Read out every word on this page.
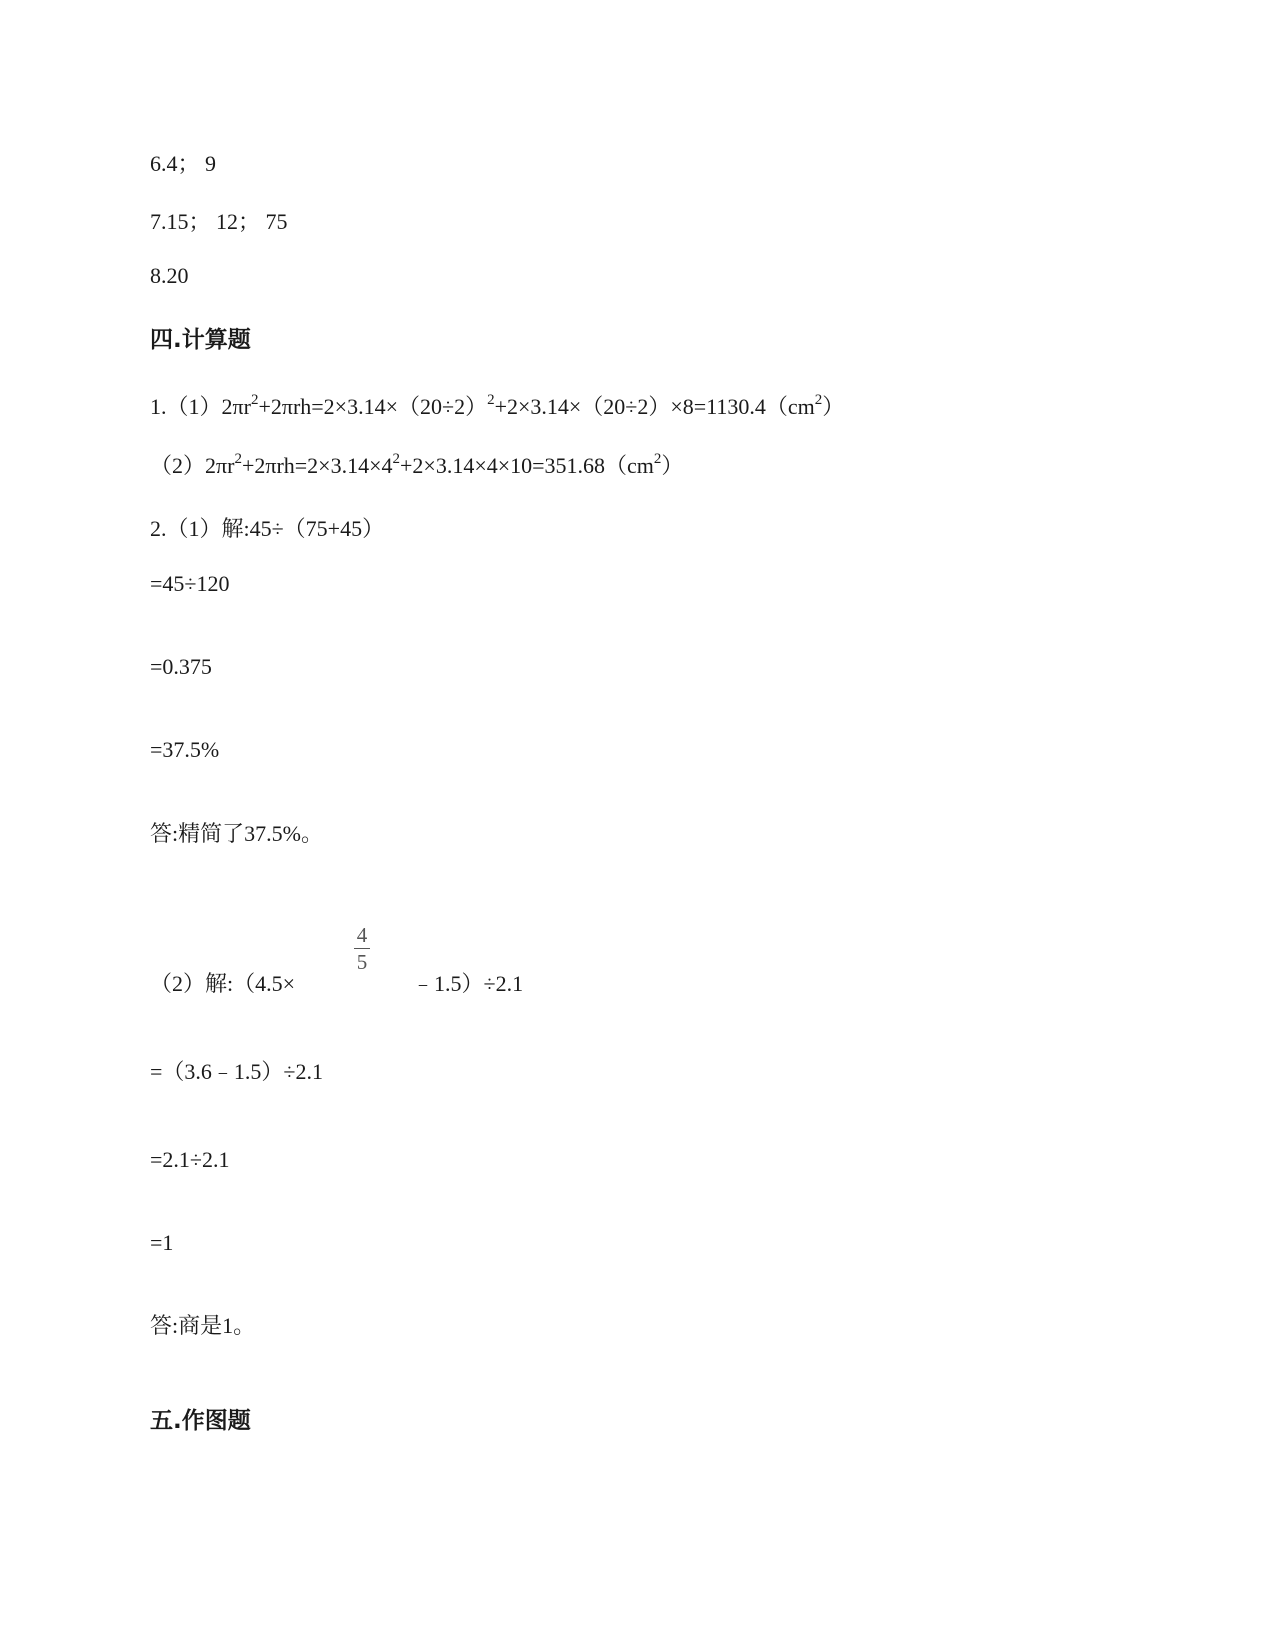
6.4； 9
7.15； 12； 75
8.20
四.计算题
$1.(1)2\pi r^2+2\pi rh=2\times 3.14\times(20\div 2)^2+2\times 3.14\times(20\div 2)\times 8=1130.4(cm^2)$
$(2)2\pi r^2+2\pi rh=2\times 3.14\times 4^2+2\times 3.14\times 4\times 10=351.68(cm^2)$
2.（1）解:45÷（75+45）
=45÷120
=0.375
=37.5%
答:精简了37.5%。
（2）解:（4.5×
4
5
﹣1.5）÷2.1
=（3.6﹣1.5）÷2.1
=2.1÷2.1
=1
答:商是1。
五.作图题
